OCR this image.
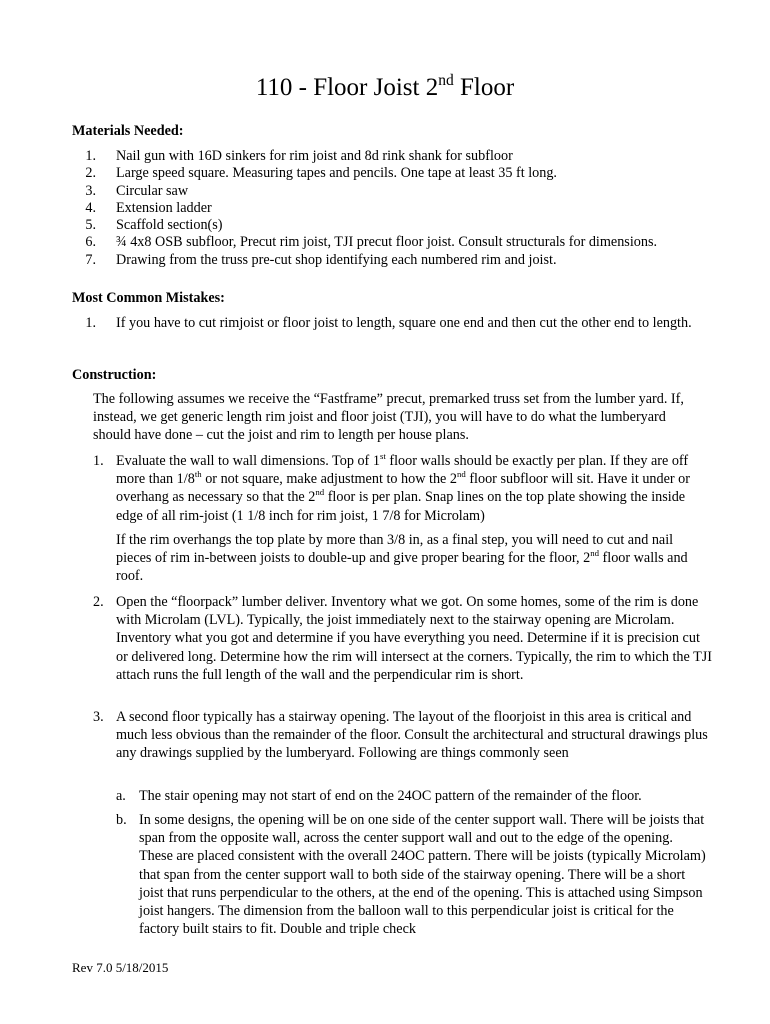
110 - Floor Joist 2nd Floor
Materials Needed:
1.	Nail gun with 16D sinkers for rim joist and 8d rink shank for subfloor
2.	Large speed square. Measuring tapes and pencils. One tape at least 35 ft long.
3.	Circular saw
4.	Extension ladder
5.	Scaffold section(s)
6.	¾ 4x8 OSB subfloor, Precut rim joist, TJI precut floor joist. Consult structurals for dimensions.
7.	Drawing from the truss pre-cut shop identifying each numbered rim and joist.
Most Common Mistakes:
1.	If you have to cut rimjoist or floor joist to length, square one end and then cut the other end to length.
Construction:
The following assumes we receive the “Fastframe” precut, premarked truss set from the lumber yard. If, instead, we get generic length rim joist and floor joist (TJI), you will have to do what the lumberyard should have done – cut the joist and rim to length per house plans.
1. Evaluate the wall to wall dimensions. Top of 1st floor walls should be exactly per plan. If they are off more than 1/8th or not square, make adjustment to how the 2nd floor subfloor will sit. Have it under or overhang as necessary so that the 2nd floor is per plan. Snap lines on the top plate showing the inside edge of all rim-joist (1 1/8 inch for rim joist, 1 7/8 for Microlam)
If the rim overhangs the top plate by more than 3/8 in, as a final step, you will need to cut and nail pieces of rim in-between joists to double-up and give proper bearing for the floor, 2nd floor walls and roof.
2. Open the “floorpack” lumber deliver. Inventory what we got. On some homes, some of the rim is done with Microlam (LVL). Typically, the joist immediately next to the stairway opening are Microlam. Inventory what you got and determine if you have everything you need. Determine if it is precision cut or delivered long. Determine how the rim will intersect at the corners. Typically, the rim to which the TJI attach runs the full length of the wall and the perpendicular rim is short.
3. A second floor typically has a stairway opening. The layout of the floorjoist in this area is critical and much less obvious than the remainder of the floor. Consult the architectural and structural drawings plus any drawings supplied by the lumberyard. Following are things commonly seen
a. The stair opening may not start of end on the 24OC pattern of the remainder of the floor.
b. In some designs, the opening will be on one side of the center support wall. There will be joists that span from the opposite wall, across the center support wall and out to the edge of the opening. These are placed consistent with the overall 24OC pattern. There will be joists (typically Microlam) that span from the center support wall to both side of the stairway opening. There will be a short joist that runs perpendicular to the others, at the end of the opening. This is attached using Simpson joist hangers. The dimension from the balloon wall to this perpendicular joist is critical for the factory built stairs to fit. Double and triple check
Rev 7.0 5/18/2015
